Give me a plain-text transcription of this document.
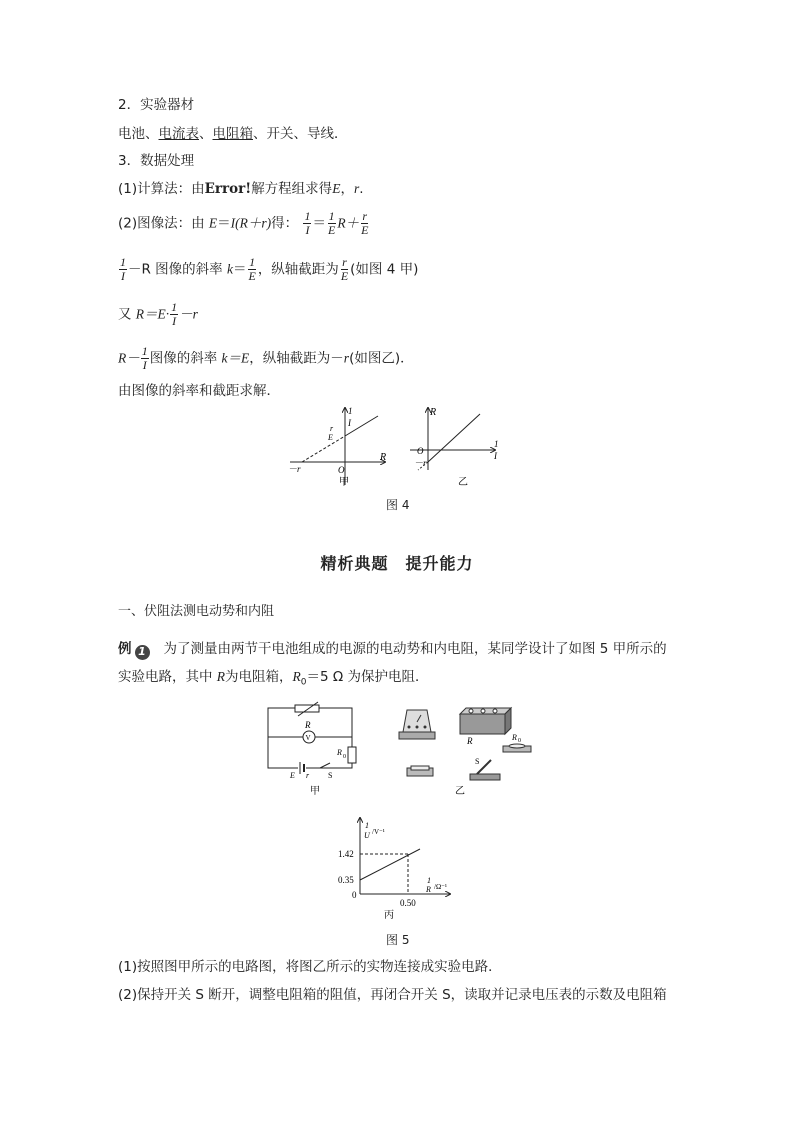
2．实验器材
电池、电流表、电阻箱、开关、导线．
3．数据处理
(1)计算法：由Error!解方程组求得E，r.
(2)图像法：由 E＝I(R＋r)得： $\frac{1}{I} = \frac{1}{E} R+ \frac{r}{E}$
$\frac{1}{I} -R$ 图像的斜率 $k= \frac{1}{E}$ ，纵轴截距为 $\frac{r}{E}$ (如图 4 甲)
又 $R=E\cdot \frac{1}{I} -r$
$R- \frac{1}{I}$ 图像的斜率 k＝E，纵轴截距为－r(如图乙)．
由图像的斜率和截距求解．
1
I
R
O
r
E
－r
甲
R
1
I
O
－r
乙
图 4
精析典题　提升能力
一、伏阻法测电动势和内阻
例 1 为了测量由两节干电池组成的电源的电动势和内电阻，某同学设计了如图 5 甲所示的
实验电路，其中 R为电阻箱，$R_0=5$ Ω 为保护电阻．
R
V
R 0
E r S
甲
R	R 0
S
乙
1
U /V⁻¹
1
R /Ω⁻¹
1.42
0.35
0
0.50
丙
图 5
(1)按照图甲所示的电路图，将图乙所示的实物连接成实验电路．
(2)保持开关 S 断开，调整电阻箱的阻值，再闭合开关 S，读取并记录电压表的示数及电阻箱
